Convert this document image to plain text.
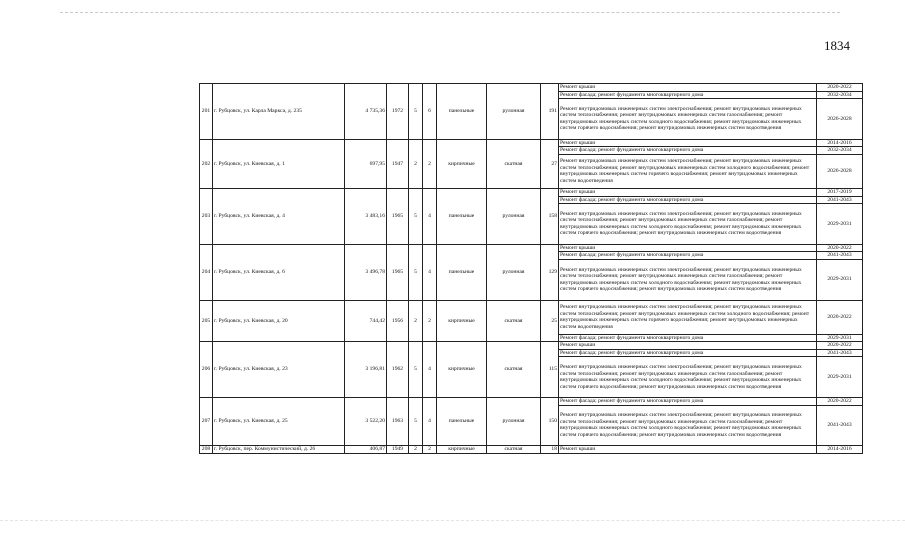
1834
201	г. Рубцовск, ул. Карла Маркса, д. 235	4 735,36	1972	5	6	панельные	рулонная	191	Ремонт крыши	2020-2022
									Ремонт фасада; ремонт фундамента многоквартирного дома	2032-2034
									Ремонт внутридомовых инженерных систем электроснабжения; ремонт внутридомовых инженерных систем теплоснабжения; ремонт внутридомовых инженерных систем газоснабжения; ремонт внутридомовых инженерных систем холодного водоснабжения; ремонт внутридомовых инженерных систем горячего водоснабжения; ремонт внутридомовых инженерных систем водоотведения	2026-2028
202	г. Рубцовск, ул. Киевская, д. 1	697,95	1947	2	2	кирпичные	скатная	27	Ремонт крыши	2014-2016
									Ремонт фасада; ремонт фундамента многоквартирного дома	2032-2034
									Ремонт внутридомовых инженерных систем электроснабжения; ремонт внутридомовых инженерных систем теплоснабжения; ремонт внутридомовых инженерных систем холодного водоснабжения; ремонт внутридомовых инженерных систем горячего водоснабжения; ремонт внутридомовых инженерных систем водоотведения	2026-2028
203	г. Рубцовск, ул. Киевская, д. 4	3 483,16	1965	5	4	панельные	рулонная	158	Ремонт крыши	2017-2019
									Ремонт фасада; ремонт фундамента многоквартирного дома	2041-2043
									Ремонт внутридомовых инженерных систем электроснабжения; ремонт внутридомовых инженерных систем теплоснабжения; ремонт внутридомовых инженерных систем газоснабжения; ремонт внутридомовых инженерных систем холодного водоснабжения; ремонт внутридомовых инженерных систем горячего водоснабжения; ремонт внутридомовых инженерных систем водоотведения	2029-2031
204	г. Рубцовск, ул. Киевская, д. 6	3 496,78	1965	5	4	панельные	рулонная	129	Ремонт крыши	2020-2022
									Ремонт фасада; ремонт фундамента многоквартирного дома	2041-2043
									Ремонт внутридомовых инженерных систем электроснабжения; ремонт внутридомовых инженерных систем теплоснабжения; ремонт внутридомовых инженерных систем газоснабжения; ремонт внутридомовых инженерных систем холодного водоснабжения; ремонт внутридомовых инженерных систем горячего водоснабжения; ремонт внутридомовых инженерных систем водоотведения	2029-2031
205	г. Рубцовск, ул. Киевская, д. 20	744,42	1956	2	2	кирпичные	скатная	25	Ремонт внутридомовых инженерных систем электроснабжения; ремонт внутридомовых инженерных систем теплоснабжения; ремонт внутридомовых инженерных систем холодного водоснабжения; ремонт внутридомовых инженерных систем горячего водоснабжения; ремонт внутридомовых инженерных систем водоотведения	2020-2022
									Ремонт фасада; ремонт фундамента многоквартирного дома	2029-2031
206	г. Рубцовск, ул. Киевская, д. 23	3 196,81	1962	5	4	кирпичные	скатная	115	Ремонт крыши	2020-2022
									Ремонт фасада; ремонт фундамента многоквартирного дома	2041-2043
									Ремонт внутридомовых инженерных систем электроснабжения; ремонт внутридомовых инженерных систем теплоснабжения; ремонт внутридомовых инженерных систем газоснабжения; ремонт внутридомовых инженерных систем холодного водоснабжения; ремонт внутридомовых инженерных систем горячего водоснабжения; ремонт внутридомовых инженерных систем водоотведения	2029-2031
207	г. Рубцовск, ул. Киевская, д. 25	3 522,20	1963	5	4	панельные	рулонная	150	Ремонт фасада; ремонт фундамента многоквартирного дома	2020-2022
									Ремонт внутридомовых инженерных систем электроснабжения; ремонт внутридомовых инженерных систем теплоснабжения; ремонт внутридомовых инженерных систем газоснабжения; ремонт внутридомовых инженерных систем холодного водоснабжения; ремонт внутридомовых инженерных систем горячего водоснабжения; ремонт внутридомовых инженерных систем водоотведения	2041-2043
208	г. Рубцовск, пер. Коммунистический, д. 26	406,87	1949	2	2	кирпичные	скатная	18	Ремонт крыши	2014-2016
